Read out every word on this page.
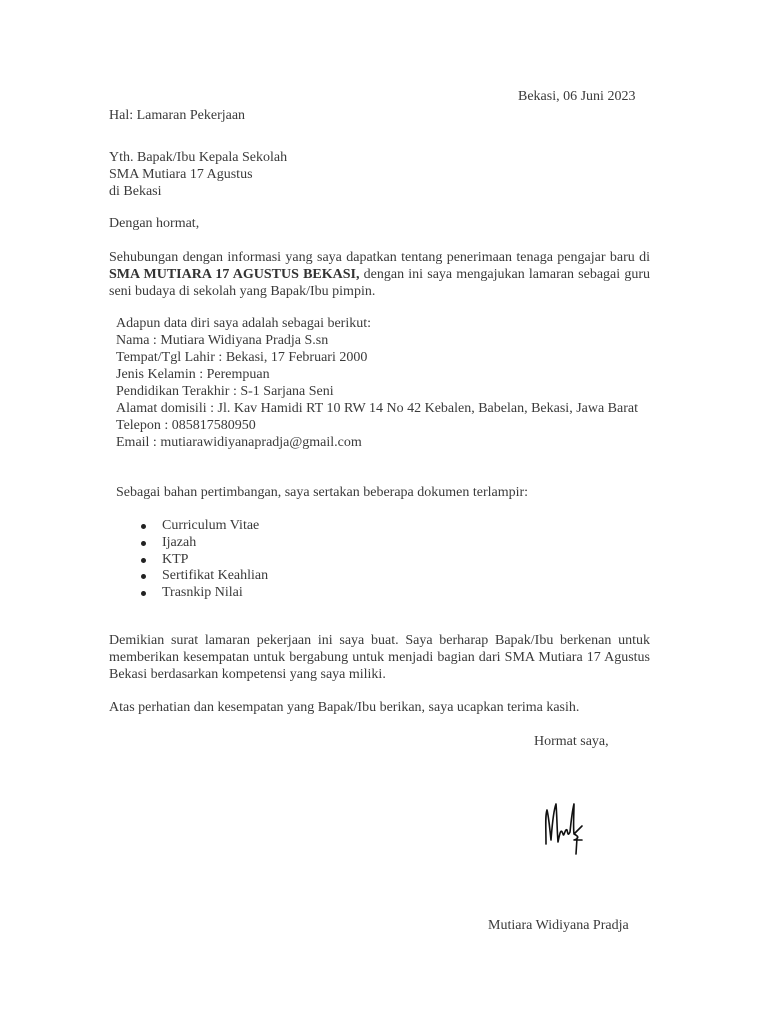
Bekasi, 06 Juni 2023
Hal: Lamaran Pekerjaan
Yth. Bapak/Ibu Kepala Sekolah
SMA Mutiara 17 Agustus
di Bekasi
Dengan hormat,
Sehubungan dengan informasi yang saya dapatkan tentang penerimaan tenaga pengajar baru di SMA MUTIARA 17 AGUSTUS BEKASI, dengan ini saya mengajukan lamaran sebagai guru seni budaya di sekolah yang Bapak/Ibu pimpin.
Adapun data diri saya adalah sebagai berikut:
Nama : Mutiara Widiyana Pradja S.sn
Tempat/Tgl Lahir : Bekasi, 17 Februari 2000
Jenis Kelamin : Perempuan
Pendidikan Terakhir : S-1 Sarjana Seni
Alamat domisili : Jl. Kav Hamidi RT 10 RW 14 No 42 Kebalen, Babelan, Bekasi, Jawa Barat
Telepon : 085817580950
Email : mutiarawidiyanapradja@gmail.com
Sebagai bahan pertimbangan, saya sertakan beberapa dokumen terlampir:
Curriculum Vitae
Ijazah
KTP
Sertifikat Keahlian
Trasnkip Nilai
Demikian surat lamaran pekerjaan ini saya buat. Saya berharap Bapak/Ibu berkenan untuk memberikan kesempatan untuk bergabung untuk menjadi bagian dari SMA Mutiara 17 Agustus Bekasi berdasarkan kompetensi yang saya miliki.
Atas perhatian dan kesempatan yang Bapak/Ibu berikan, saya ucapkan terima kasih.
Hormat saya,
Mutiara Widiyana Pradja
